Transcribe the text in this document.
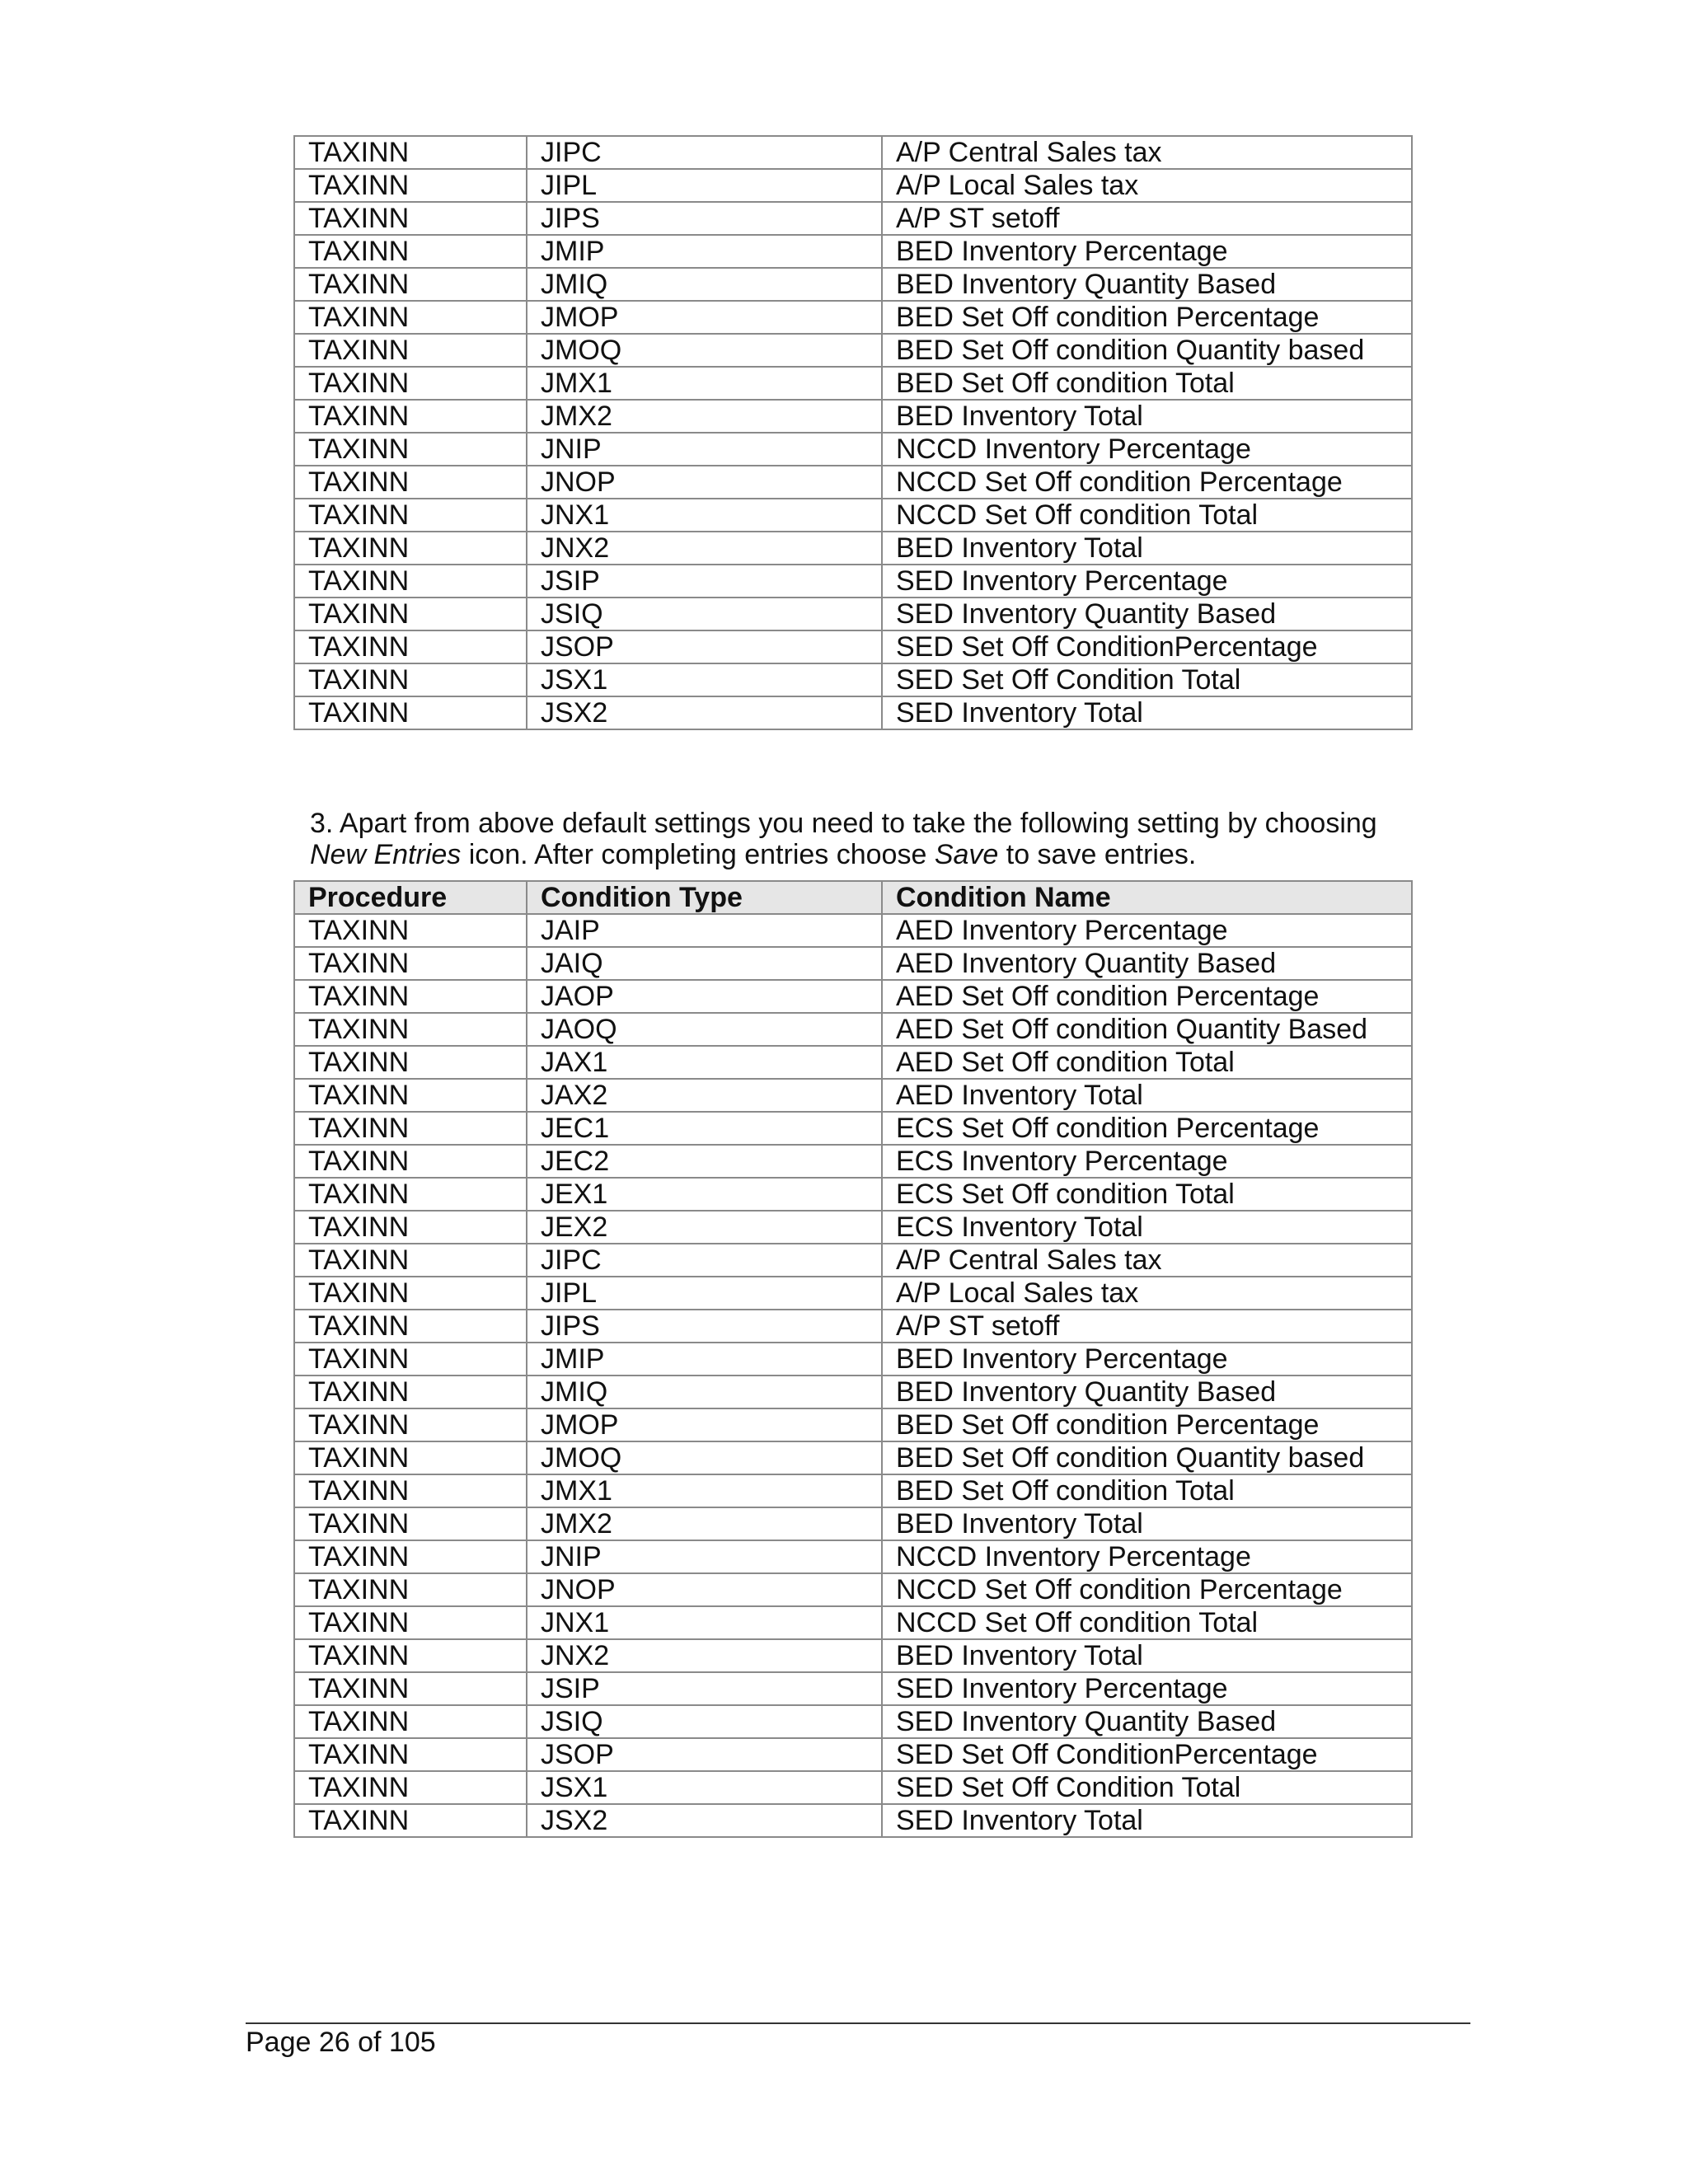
TAXINN	JIPC	A/P Central Sales tax
TAXINN	JIPL	A/P Local Sales tax
TAXINN	JIPS	A/P ST setoff
TAXINN	JMIP	BED Inventory Percentage
TAXINN	JMIQ	BED Inventory Quantity Based
TAXINN	JMOP	BED Set Off condition Percentage
TAXINN	JMOQ	BED Set Off condition Quantity based
TAXINN	JMX1	BED Set Off condition Total
TAXINN	JMX2	BED Inventory Total
TAXINN	JNIP	NCCD Inventory Percentage
TAXINN	JNOP	NCCD Set Off condition Percentage
TAXINN	JNX1	NCCD Set Off condition Total
TAXINN	JNX2	BED Inventory Total
TAXINN	JSIP	SED Inventory Percentage
TAXINN	JSIQ	SED Inventory Quantity Based
TAXINN	JSOP	SED Set Off ConditionPercentage
TAXINN	JSX1	SED Set Off Condition Total
TAXINN	JSX2	SED Inventory Total

3. Apart from above default settings you need to take the following setting by choosing New Entries icon. After completing entries choose Save to save entries.

Procedure	Condition Type	Condition Name
TAXINN	JAIP	AED Inventory Percentage
TAXINN	JAIQ	AED Inventory Quantity Based
TAXINN	JAOP	AED Set Off condition Percentage
TAXINN	JAOQ	AED Set Off condition Quantity Based
TAXINN	JAX1	AED Set Off condition Total
TAXINN	JAX2	AED Inventory Total
TAXINN	JEC1	ECS Set Off condition Percentage
TAXINN	JEC2	ECS Inventory Percentage
TAXINN	JEX1	ECS Set Off condition Total
TAXINN	JEX2	ECS Inventory Total
TAXINN	JIPC	A/P Central Sales tax
TAXINN	JIPL	A/P Local Sales tax
TAXINN	JIPS	A/P ST setoff
TAXINN	JMIP	BED Inventory Percentage
TAXINN	JMIQ	BED Inventory Quantity Based
TAXINN	JMOP	BED Set Off condition Percentage
TAXINN	JMOQ	BED Set Off condition Quantity based
TAXINN	JMX1	BED Set Off condition Total
TAXINN	JMX2	BED Inventory Total
TAXINN	JNIP	NCCD Inventory Percentage
TAXINN	JNOP	NCCD Set Off condition Percentage
TAXINN	JNX1	NCCD Set Off condition Total
TAXINN	JNX2	BED Inventory Total
TAXINN	JSIP	SED Inventory Percentage
TAXINN	JSIQ	SED Inventory Quantity Based
TAXINN	JSOP	SED Set Off ConditionPercentage
TAXINN	JSX1	SED Set Off Condition Total
TAXINN	JSX2	SED Inventory Total
Page 26 of 105
